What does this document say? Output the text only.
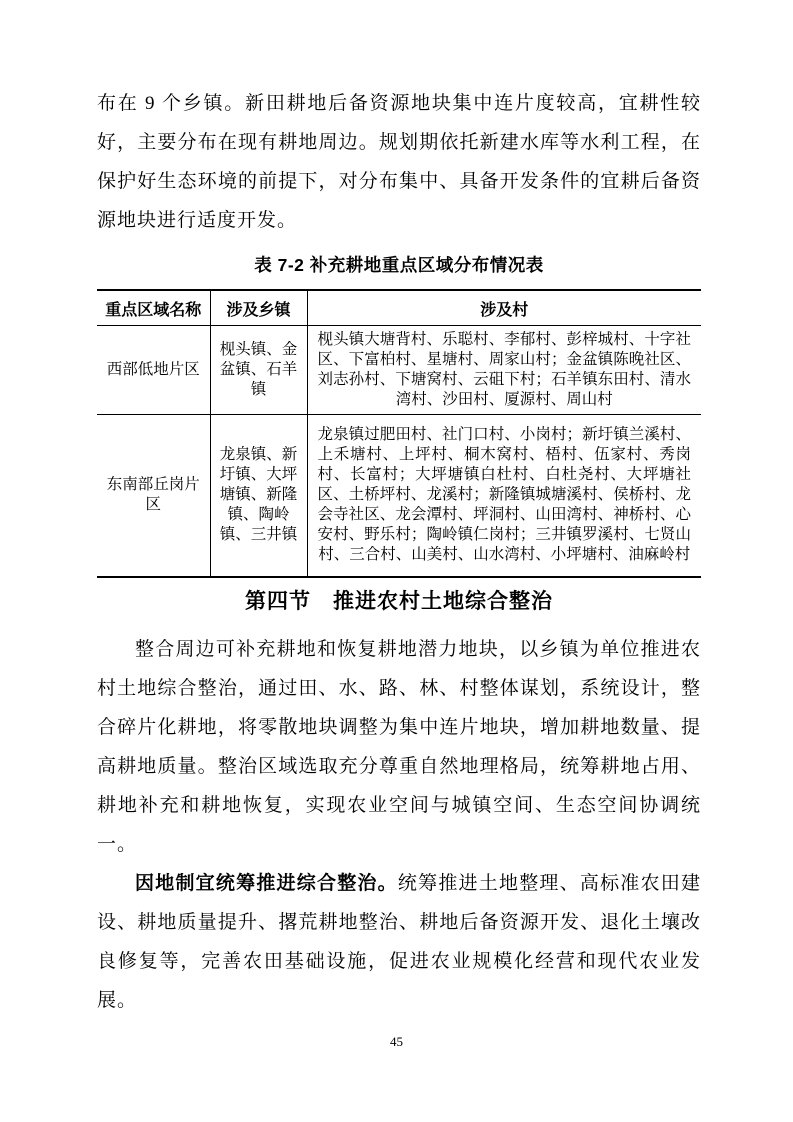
布在 9 个乡镇。新田耕地后备资源地块集中连片度较高，宜耕性较好，主要分布在现有耕地周边。规划期依托新建水库等水利工程，在保护好生态环境的前提下，对分布集中、具备开发条件的宜耕后备资源地块进行适度开发。

表 7-2 补充耕地重点区域分布情况表
重点区域名称	涉及乡镇	涉及村
西部低地片区	枧头镇、金盆镇、石羊镇	枧头镇大塘背村、乐聪村、李郁村、彭梓城村、十字社区、下富柏村、星塘村、周家山村；金盆镇陈晚社区、刘志孙村、下塘窝村、云砠下村；石羊镇东田村、清水湾村、沙田村、厦源村、周山村
东南部丘岗片区	龙泉镇、新圩镇、大坪塘镇、新隆镇、陶岭镇、三井镇	龙泉镇过肥田村、社门口村、小岗村；新圩镇兰溪村、上禾塘村、上坪村、桐木窝村、梧村、伍家村、秀岗村、长富村；大坪塘镇白杜村、白杜尧村、大坪塘社区、土桥坪村、龙溪村；新隆镇城塘溪村、侯桥村、龙会寺社区、龙会潭村、坪洞村、山田湾村、神桥村、心安村、野乐村；陶岭镇仁岗村；三井镇罗溪村、七贤山村、三合村、山美村、山水湾村、小坪塘村、油麻岭村
第四节　推进农村土地综合整治

整合周边可补充耕地和恢复耕地潜力地块，以乡镇为单位推进农村土地综合整治，通过田、水、路、林、村整体谋划，系统设计，整合碎片化耕地，将零散地块调整为集中连片地块，增加耕地数量、提高耕地质量。整治区域选取充分尊重自然地理格局，统筹耕地占用、耕地补充和耕地恢复，实现农业空间与城镇空间、生态空间协调统一。

因地制宜统筹推进综合整治。统筹推进土地整理、高标准农田建设、耕地质量提升、撂荒耕地整治、耕地后备资源开发、退化土壤改良修复等，完善农田基础设施，促进农业规模化经营和现代农业发展。

45
